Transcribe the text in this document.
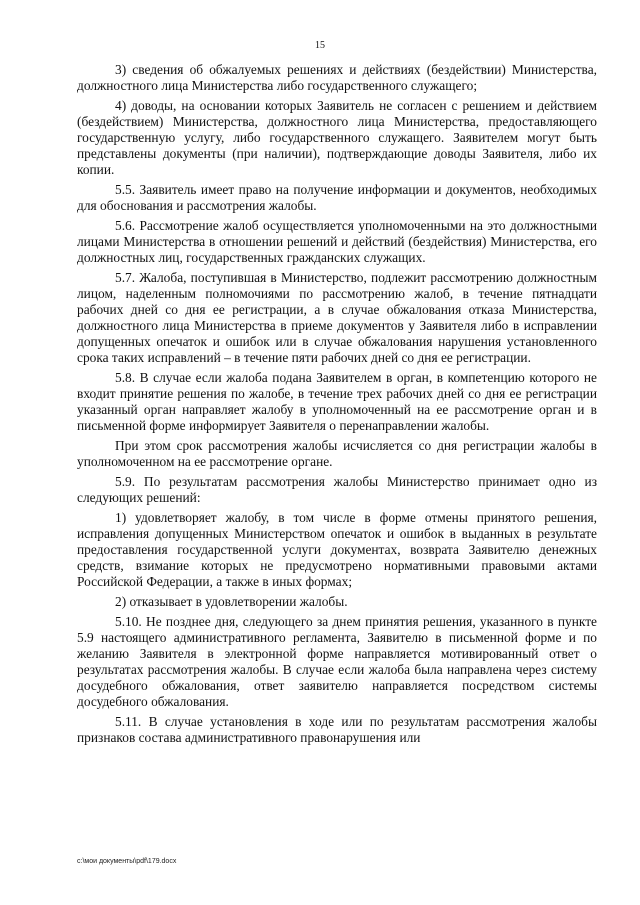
15

3) сведения об обжалуемых решениях и действиях (бездействии) Министерства, должностного лица Министерства либо государственного служащего;

4) доводы, на основании которых Заявитель не согласен с решением и действием (бездействием) Министерства, должностного лица Министерства, предоставляющего государственную услугу, либо государственного служащего. Заявителем могут быть представлены документы (при наличии), подтверждающие доводы Заявителя, либо их копии.

5.5. Заявитель имеет право на получение информации и документов, необходимых для обоснования и рассмотрения жалобы.

5.6. Рассмотрение жалоб осуществляется уполномоченными на это должностными лицами Министерства в отношении решений и действий (бездействия) Министерства, его должностных лиц, государственных гражданских служащих.

5.7. Жалоба, поступившая в Министерство, подлежит рассмотрению должностным лицом, наделенным полномочиями по рассмотрению жалоб, в течение пятнадцати рабочих дней со дня ее регистрации, а в случае обжалования отказа Министерства, должностного лица Министерства в приеме документов у Заявителя либо в исправлении допущенных опечаток и ошибок или в случае обжалования нарушения установленного срока таких исправлений – в течение пяти рабочих дней со дня ее регистрации.

5.8. В случае если жалоба подана Заявителем в орган, в компетенцию которого не входит принятие решения по жалобе, в течение трех рабочих дней со дня ее регистрации указанный орган направляет жалобу в уполномоченный на ее рассмотрение орган и в письменной форме информирует Заявителя о перенаправлении жалобы.

При этом срок рассмотрения жалобы исчисляется со дня регистрации жалобы в уполномоченном на ее рассмотрение органе.

5.9. По результатам рассмотрения жалобы Министерство принимает одно из следующих решений:

1) удовлетворяет жалобу, в том числе в форме отмены принятого решения, исправления допущенных Министерством опечаток и ошибок в выданных в результате предоставления государственной услуги документах, возврата Заявителю денежных средств, взимание которых не предусмотрено нормативными правовыми актами Российской Федерации, а также в иных формах;

2) отказывает в удовлетворении жалобы.

5.10. Не позднее дня, следующего за днем принятия решения, указанного в пункте 5.9 настоящего административного регламента, Заявителю в письменной форме и по желанию Заявителя в электронной форме направляется мотивированный ответ о результатах рассмотрения жалобы. В случае если жалоба была направлена через систему досудебного обжалования, ответ заявителю направляется посредством системы досудебного обжалования.

5.11. В случае установления в ходе или по результатам рассмотрения жалобы признаков состава административного правонарушения или

c:\мои документы\pdf\179.docx
